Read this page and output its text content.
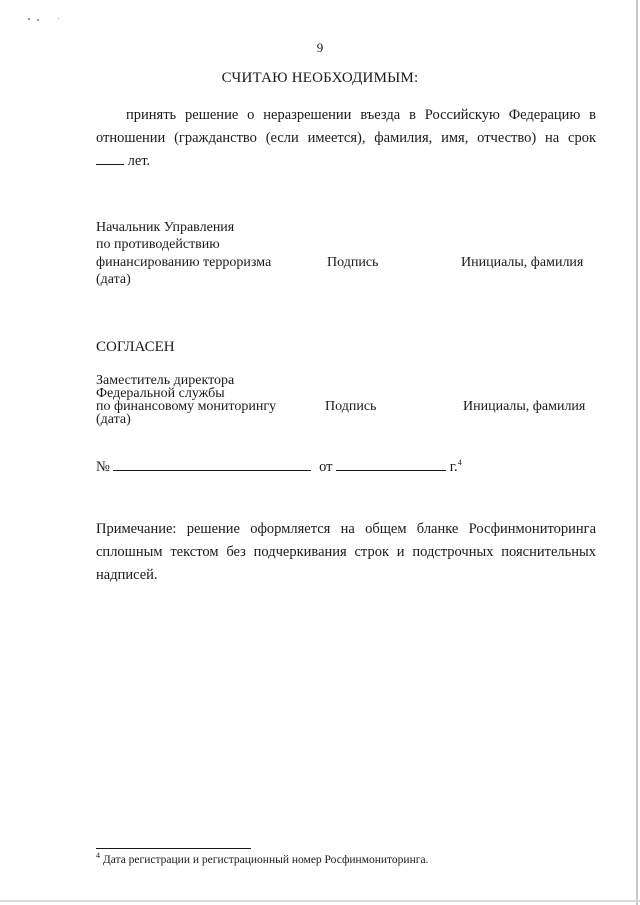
9
СЧИТАЮ НЕОБХОДИМЫМ:
принять решение о неразрешении въезда в Российскую Федерацию в
отношении (гражданство (если имеется), фамилия, имя, отчество) на срок
лет.
Начальник Управления
по противодействию
финансированию терроризма
(дата)
Подпись	Инициалы, фамилия
СОГЛАСЕН
Заместитель директора
Федеральной службы
по финансовому мониторингу
(дата)
Подпись	Инициалы, фамилия
№	от	г.$^4$
Примечание: решение оформляется на общем бланке Росфинмониторинга
сплошным текстом без подчеркивания строк и подстрочных пояснительных
надписей.
$^4$ Дата регистрации и регистрационный номер Росфинмониторинга.
